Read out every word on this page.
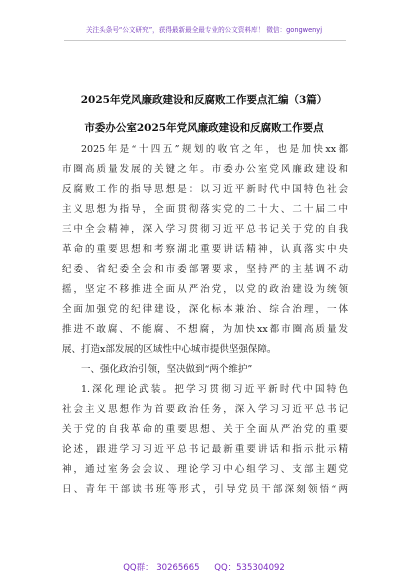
关注头条号“公文研究”，获得最新最全最专业的公文资料库！ 微信：gongwenyj
2025年党风廉政建设和反腐败工作要点汇编（3篇）
市委办公室2025年党风廉政建设和反腐败工作要点
2025年是“十四五”规划的收官之年，也是加快xx都
市圈高质量发展的关键之年。市委办公室党风廉政建设和
反腐败工作的指导思想是：以习近平新时代中国特色社会
主义思想为指导，全面贯彻落实党的二十大、二十届二中
三中全会精神，深入学习贯彻习近平总书记关于党的自我
革命的重要思想和考察湖北重要讲话精神，认真落实中央
纪委、省纪委全会和市委部署要求，坚持严的主基调不动
摇，坚定不移推进全面从严治党，以党的政治建设为统领
全面加强党的纪律建设，深化标本兼治、综合治理，一体
推进不敢腐、不能腐、不想腐，为加快xx都市圈高质量发
展、打造x部发展的区域性中心城市提供坚强保障。
一、强化政治引领，坚决做到“两个维护”
1.深化理论武装。把学习贯彻习近平新时代中国特色
社会主义思想作为首要政治任务，深入学习习近平总书记
关于党的自我革命的重要思想、关于全面从严治党的重要
论述，跟进学习习近平总书记最新重要讲话和指示批示精
神，通过室务会会议、理论学习中心组学习、支部主题党
日、青年干部读书班等形式，引导党员干部深刻领悟“两
QQ群： 30265665 QQ：535304092
